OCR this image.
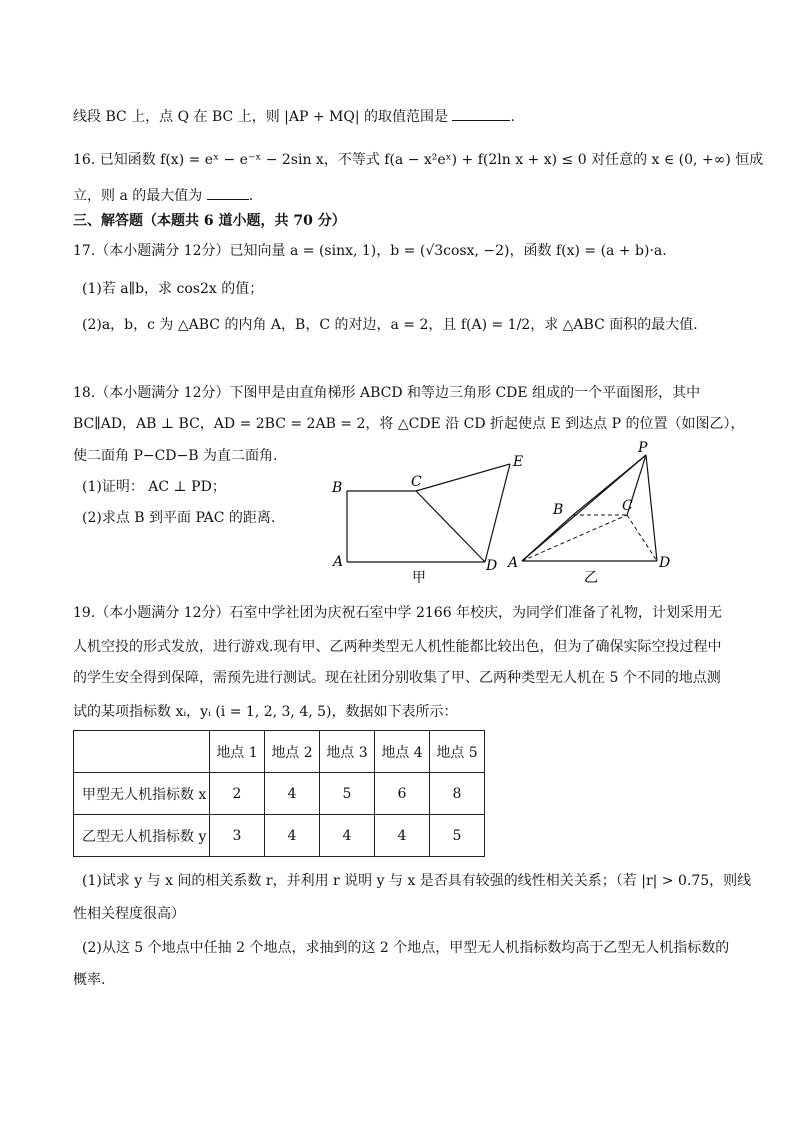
线段 BC 上，点 Q 在 BC 上，则 |AP + MQ| 的取值范围是	.
16. 已知函数 f(x) = eˣ − e⁻ˣ − 2sin x，不等式 f(a − x²eˣ) + f(2ln x + x) ≤ 0 对任意的 x ∈ (0, +∞) 恒成
立，则 a 的最大值为	.
三、解答题（本题共 6 道小题，共 70 分）
17.（本小题满分 12分）已知向量 a = (sinx, 1)，b = (√3cosx, −2)，函数 f(x) = (a + b)·a.
(1)若 a∥b，求 cos2x 的值；
(2)a，b，c 为 △ABC 的内角 A，B，C 的对边，a = 2，且 f(A) = 1/2，求 △ABC 面积的最大值.
18.（本小题满分 12分）下图甲是由直角梯形 ABCD 和等边三角形 CDE 组成的一个平面图形，其中
BC∥AD，AB ⊥ BC，AD = 2BC = 2AB = 2，将 △CDE 沿 CD 折起使点 E 到达点 P 的位置（如图乙），
使二面角 P−CD−B 为直二面角.
(1)证明： AC ⊥ PD；
(2)求点 B 到平面 PAC 的距离.
B	C
E
A	D
甲
P
B	C
A	D
乙
19.（本小题满分 12分）石室中学社团为庆祝石室中学 2166 年校庆，为同学们准备了礼物，计划采用无
人机空投的形式发放，进行游戏.现有甲、乙两种类型无人机性能都比较出色，但为了确保实际空投过程中
的学生安全得到保障，需预先进行测试。现在社团分别收集了甲、乙两种类型无人机在 5 个不同的地点测
试的某项指标数 xᵢ，yᵢ (i = 1, 2, 3, 4, 5)，数据如下表所示：
	地点 1	地点 2	地点 3	地点 4	地点 5
甲型无人机指标数 x	2	4	5	6	8
乙型无人机指标数 y	3	4	4	4	5
(1)试求 y 与 x 间的相关系数 r，并利用 r 说明 y 与 x 是否具有较强的线性相关关系；（若 |r| > 0.75，则线
性相关程度很高）
(2)从这 5 个地点中任抽 2 个地点，求抽到的这 2 个地点，甲型无人机指标数均高于乙型无人机指标数的
概率.
